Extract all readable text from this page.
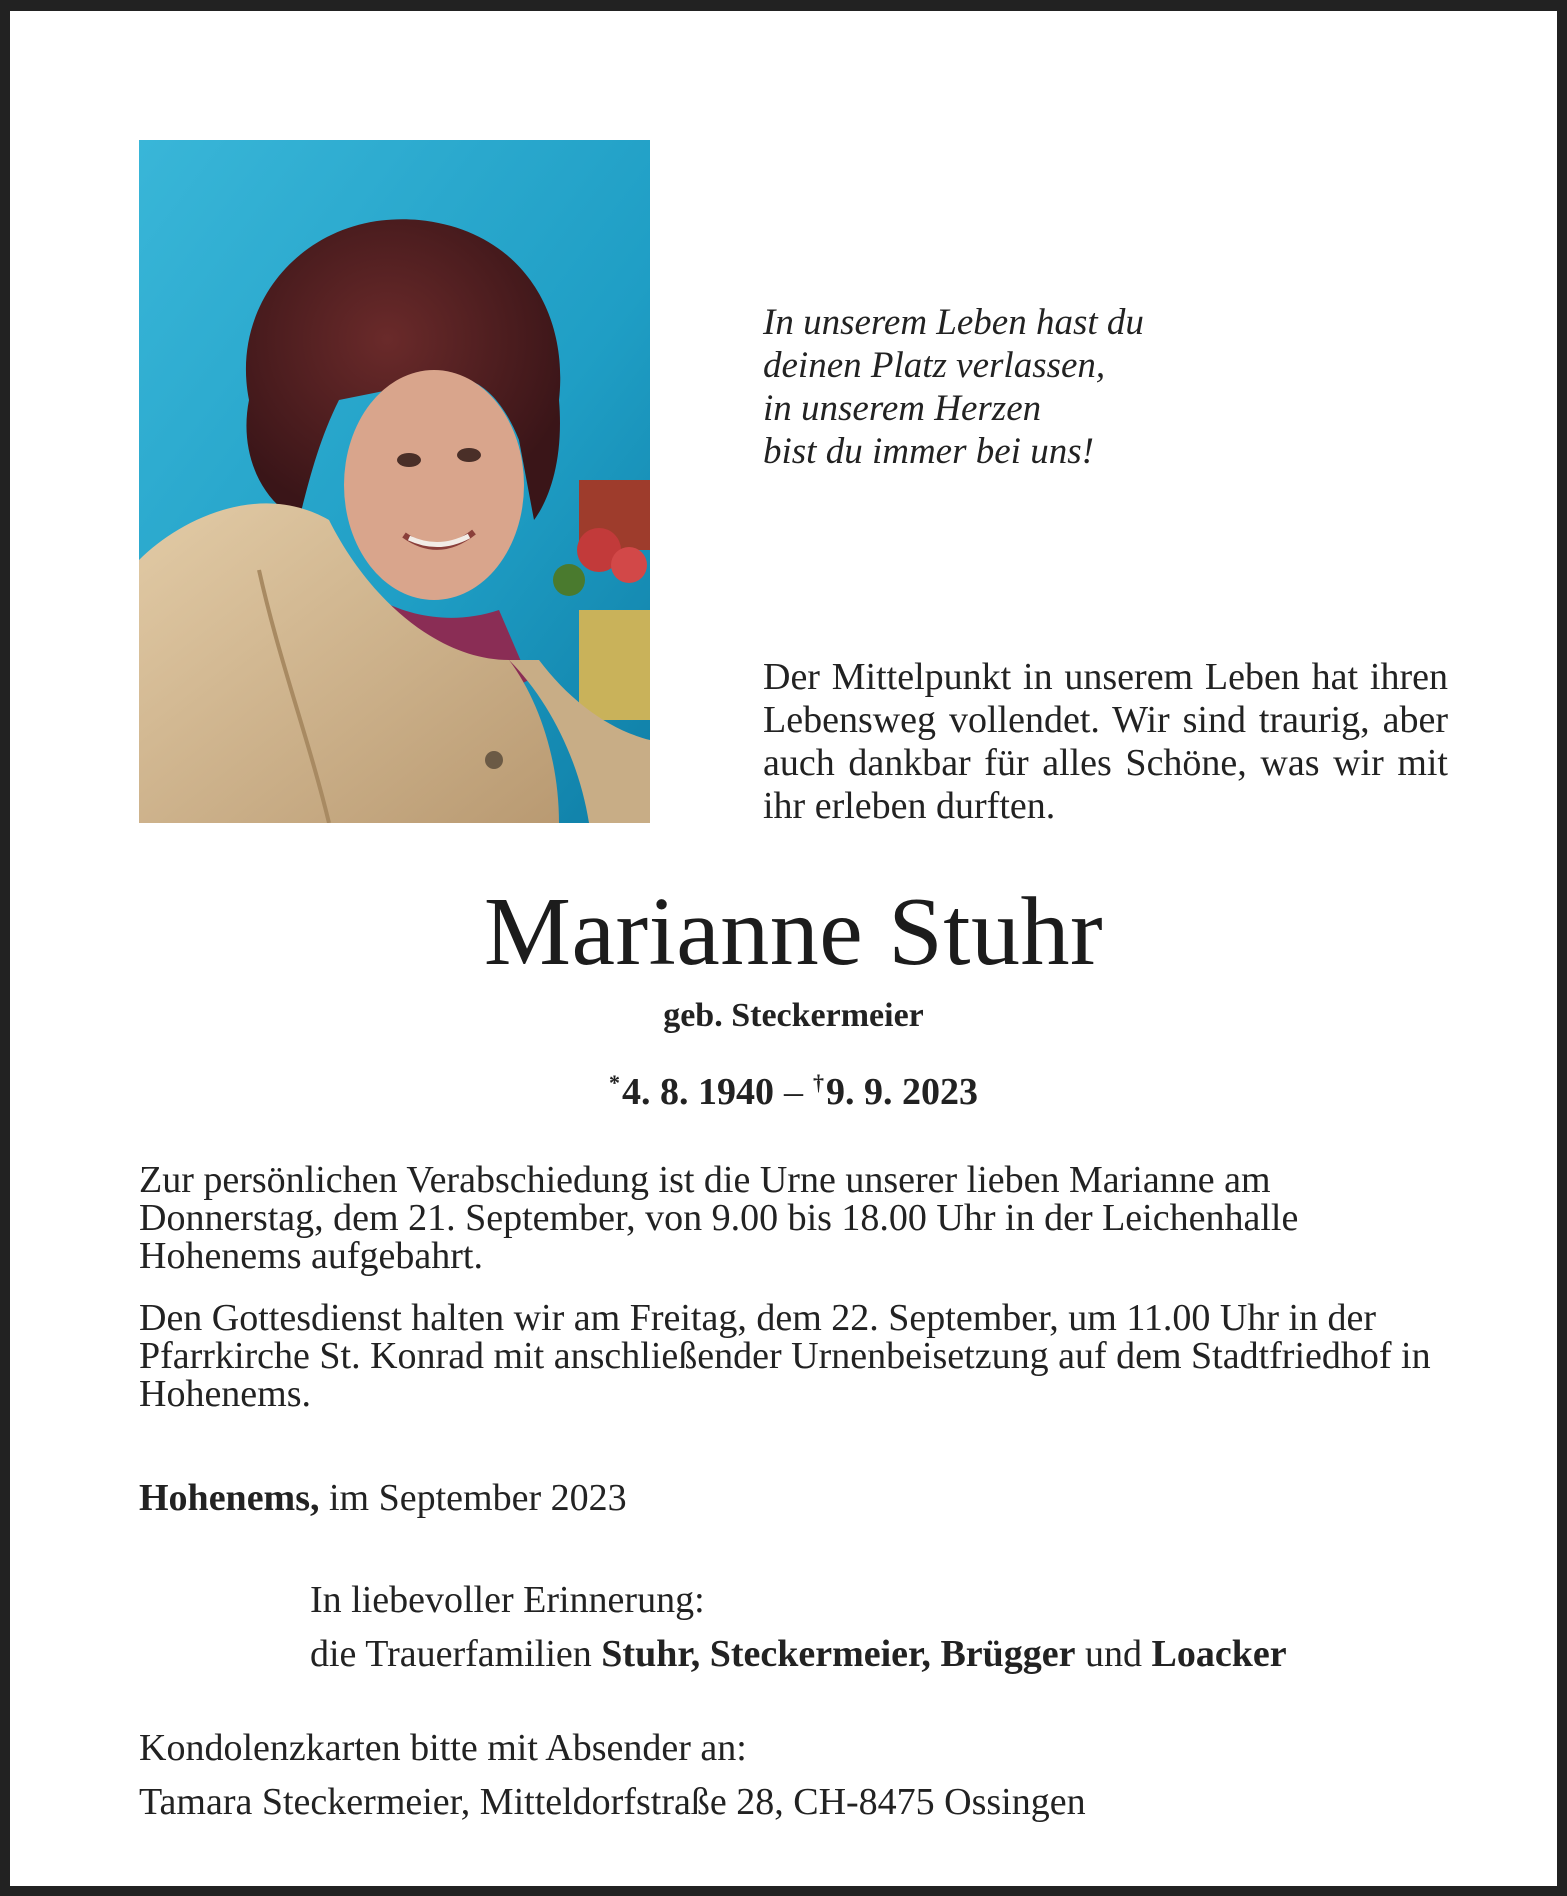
In unserem Leben hast du
deinen Platz verlassen,
in unserem Herzen
bist du immer bei uns!
Der Mittelpunkt in unserem Leben hat ihren Lebensweg vollendet. Wir sind traurig, aber auch dankbar für alles Schöne, was wir mit ihr erleben durften.
Marianne Stuhr
geb. Steckermeier
*4. 8. 1940 – †9. 9. 2023
Zur persönlichen Verabschiedung ist die Urne unserer lieben Marianne am Donnerstag, dem 21. September, von 9.00 bis 18.00 Uhr in der Leichenhalle Hohenems aufgebahrt.
Den Gottesdienst halten wir am Freitag, dem 22. September, um 11.00 Uhr in der Pfarrkirche St. Konrad mit anschließender Urnenbeisetzung auf dem Stadtfriedhof in Hohenems.
Hohenems, im September 2023
In liebevoller Erinnerung:
die Trauerfamilien Stuhr, Steckermeier, Brügger und Loacker
Kondolenzkarten bitte mit Absender an:
Tamara Steckermeier, Mitteldorfstraße 28, CH-8475 Ossingen
